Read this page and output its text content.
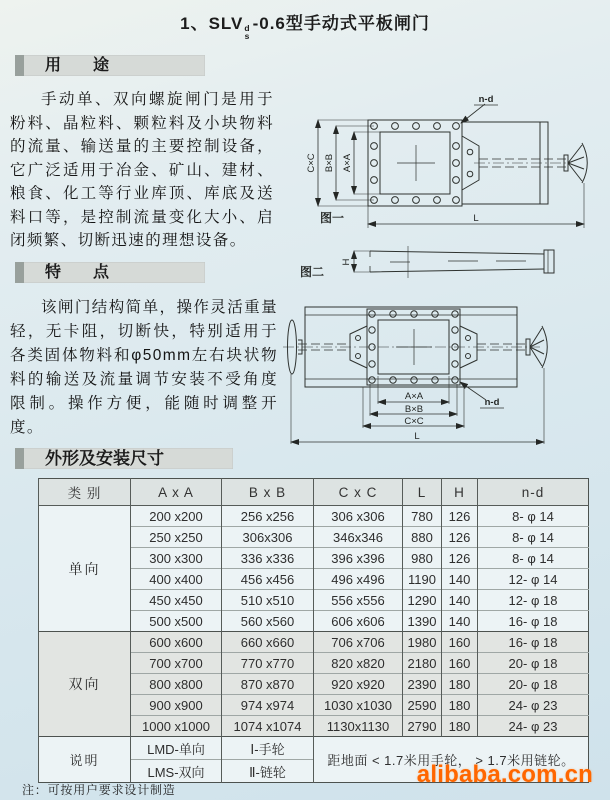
1、SLV d
s
-0.6型手动式平板闸门
用　　途
手动单、双向螺旋闸门是用于粉料、晶粒料、颗粒料及小块物料的流量、输送量的主要控制设备，它广泛适用于冶金、矿山、建材、粮食、化工等行业库顶、库底及送料口等，是控制流量变化大小、启闭频繁、切断迅速的理想设备。
特　　点
该闸门结构简单，操作灵活重量轻，无卡阻，切断快，特别适用于各类固体物料和φ50mm左右块状物料的输送及流量调节安装不受角度限制。操作方便，能随时调整开度。
外形及安装尺寸
C×C B×B A×A
L
n-d
图一
H
图二
A×A
B×B
C×C
L
n-d
类 别	A x A	B x B	C x C	L	H	n-d
单向	200 x200	256 x256	306 x306	780	126	8- φ 14
	250 x250	306x306	346x346	880	126	8- φ 14
	300 x300	336 x336	396 x396	980	126	8- φ 14
	400 x400	456 x456	496 x496	1190	140	12- φ 14
	450 x450	510 x510	556 x556	1290	140	12- φ 18
	500 x500	560 x560	606 x606	1390	140	16- φ 18
双向	600 x600	660 x660	706 x706	1980	160	16- φ 18
	700 x700	770 x770	820 x820	2180	160	20- φ 18
	800 x800	870 x870	920 x920	2390	180	20- φ 18
	900 x900	974 x974	1030 x1030	2590	180	24- φ 23
	1000 x1000	1074 x1074	1130x1130	2790	180	24- φ 23
说明	LMD-单向	Ⅰ-手轮	距地面 < 1.7米用手轮， > 1.7米用链轮。			
	LMS-双向	Ⅱ-链轮				
注：可按用户要求设计制造
alibaba.com.cn
